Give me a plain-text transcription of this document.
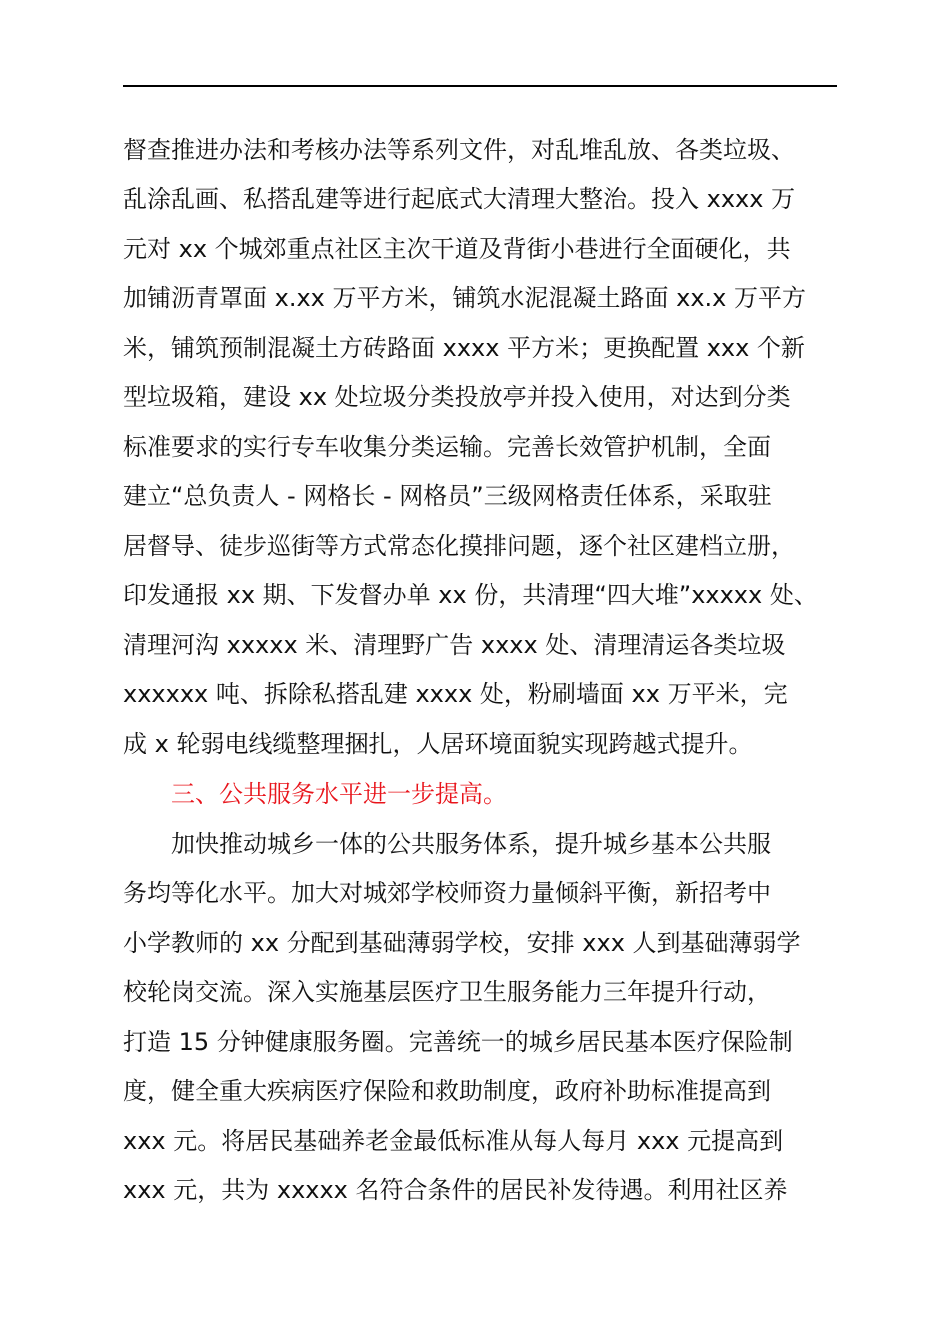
督查推进办法和考核办法等系列文件，对乱堆乱放、各类垃圾、
乱涂乱画、私搭乱建等进行起底式大清理大整治。投入 xxxx 万
元对 xx 个城郊重点社区主次干道及背街小巷进行全面硬化，共
加铺沥青罩面 x.xx 万平方米，铺筑水泥混凝土路面 xx.x 万平方
米，铺筑预制混凝土方砖路面 xxxx 平方米；更换配置 xxx 个新
型垃圾箱，建设 xx 处垃圾分类投放亭并投入使用，对达到分类
标准要求的实行专车收集分类运输。完善长效管护机制，全面
建立“总负责人 - 网格长 - 网格员”三级网格责任体系，采取驻
居督导、徒步巡街等方式常态化摸排问题，逐个社区建档立册，
印发通报 xx 期、下发督办单 xx 份，共清理“四大堆”xxxxx 处、
清理河沟 xxxxx 米、清理野广告 xxxx 处、清理清运各类垃圾
xxxxxx 吨、拆除私搭乱建 xxxx 处，粉刷墙面 xx 万平米，完
成 x 轮弱电线缆整理捆扎，人居环境面貌实现跨越式提升。
三、公共服务水平进一步提高。
加快推动城乡一体的公共服务体系，提升城乡基本公共服
务均等化水平。加大对城郊学校师资力量倾斜平衡，新招考中
小学教师的 xx 分配到基础薄弱学校，安排 xxx 人到基础薄弱学
校轮岗交流。深入实施基层医疗卫生服务能力三年提升行动，
打造 15 分钟健康服务圈。完善统一的城乡居民基本医疗保险制
度，健全重大疾病医疗保险和救助制度，政府补助标准提高到
xxx 元。将居民基础养老金最低标准从每人每月 xxx 元提高到
xxx 元，共为 xxxxx 名符合条件的居民补发待遇。利用社区养
